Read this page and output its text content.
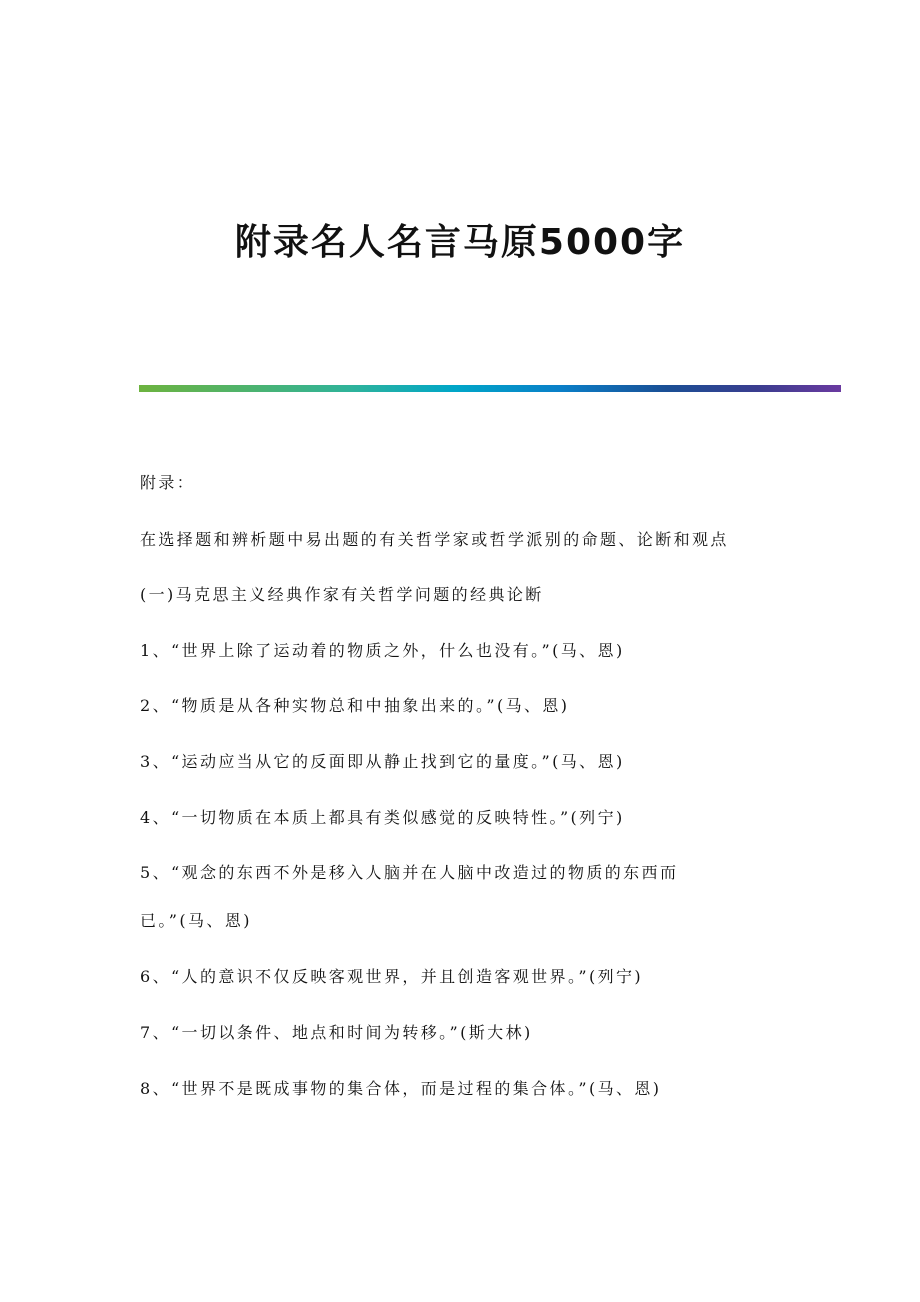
附录名人名言马原5000字
附录：
在选择题和辨析题中易出题的有关哲学家或哲学派别的命题、论断和观点
(一)马克思主义经典作家有关哲学问题的经典论断
1、“世界上除了运动着的物质之外，什么也没有。”(马、恩)
2、“物质是从各种实物总和中抽象出来的。”(马、恩)
3、“运动应当从它的反面即从静止找到它的量度。”(马、恩)
4、“一切物质在本质上都具有类似感觉的反映特性。”(列宁)
5、“观念的东西不外是移入人脑并在人脑中改造过的物质的东西而
已。”(马、恩)
6、“人的意识不仅反映客观世界，并且创造客观世界。”(列宁)
7、“一切以条件、地点和时间为转移。”(斯大林)
8、“世界不是既成事物的集合体，而是过程的集合体。”(马、恩)
